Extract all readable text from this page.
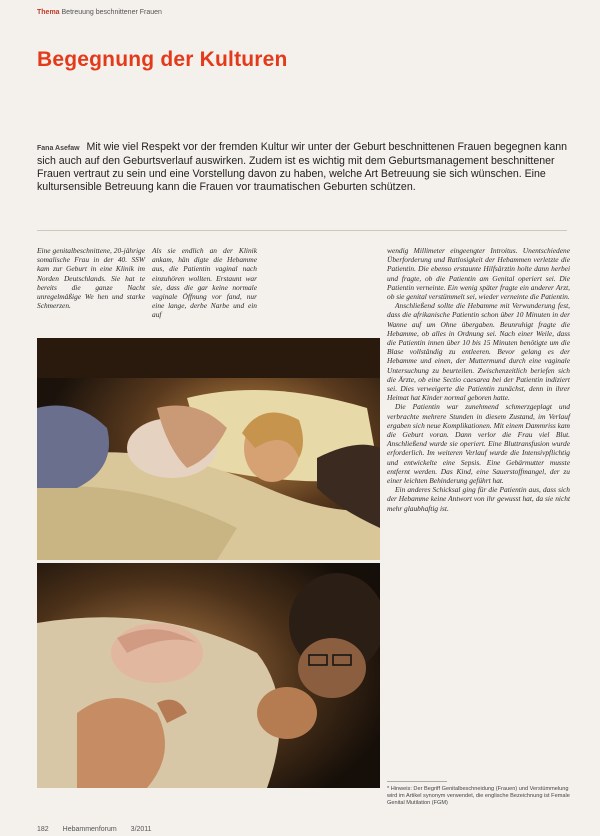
Thema Betreuung beschnittener Frauen
Begegnung der Kulturen
Fana Asefaw Mit wie viel Respekt vor der fremden Kultur wir unter der Geburt beschnittenen Frauen begegnen kann sich auch auf den Geburtsverlauf auswirken. Zudem ist es wichtig mit dem Geburtsmanagement beschnittener Frauen vertraut zu sein und eine Vorstellung davon zu haben, welche Art Betreuung sie sich wünschen. Eine kultursensible Betreuung kann die Frauen vor traumatischen Geburten schützen.
Eine genitalbeschnittene, 20-jährige somalische Frau in der 40. SSW kam zur Geburt in eine Klinik im Norden Deutschlands. Sie hat te bereits die ganze Nacht unregelmäßige We hen und starke Schmerzen.
Als sie endlich an der Klinik ankam, hän digte die Hebamme aus, die Patientin vaginal nach einzuhören wollten. Erstaunt war sie, dass die gar keine normale vaginale Öffnung vor fand, nur eine lange, derbe Narbe und ein auf

wendig Millimeter eingeengter Introitus. Unentschiedene Überforderung und Ratlosigkeit der Hebammen verletzte die Patientin. Die ebenso erstaunte Hilfsärztin holte dann herbei und fragte, ob die Patientin am Genital operiert sei. Die Patientin verneinte. Ein wenig später fragte ein anderer Arzt, ob sie genital verstümmelt sei, wieder verneinte die Patientin.

Anschließend sollte die Hebamme mit Verwunderung fest, dass die afrikanische Patientin schon über 10 Minuten in der Wanne auf um Ohne übergaben. Beunruhigt fragte die Hebamme, ob alles in Ordnung sei. Nach einer Weile, dass die Patientin innen über 10 bis 15 Minuten benötigte um die Blase vollständig zu entleeren. Bevor gelang es der Hebamme und einen, der Muttermund durch eine vaginale Untersuchung zu beurteilen. Zwischenzeitlich beriefen sich die Ärzte, ob eine Sectio caesarea bei der Patientin indiziert sei. Dies verweigerte die Patientin zunächst, denn in ihrer Heimat hat Kinder normal geboren hatte.

Die Patientin war zunehmend schmerzgeplagt und verbrachte mehrere Stunden in diesem Zustand, im Verlauf ergaben sich neue Komplikationen. Mit einem Dammriss kam die Geburt voran. Dann verlor die Frau viel Blut. Anschließend wurde sie operiert. Eine Bluttransfusion wurde erforderlich. Im weiteren Verlauf wurde die Intensivpflichtig und entwickelte eine Sepsis. Eine Gebärmutter musste entfernt werden. Das Kind, eine Sauerstoffmangel, der zu einer leichten Behinderung geführt hat.

Ein anderes Schicksal ging für die Patientin aus, dass sich der Hebamme keine Antwort von ihr gewusst hat, da sie nicht mehr glaubhaftig ist.

* Hinweis: Der Begriff Genitalbeschneidung (Frauen) und Verstümmelung wird im Artikel synonym verwendet, die englische Bezeichnung ist Female Genital Mutilation (FGM)
182 Hebammenforum 3/2011
